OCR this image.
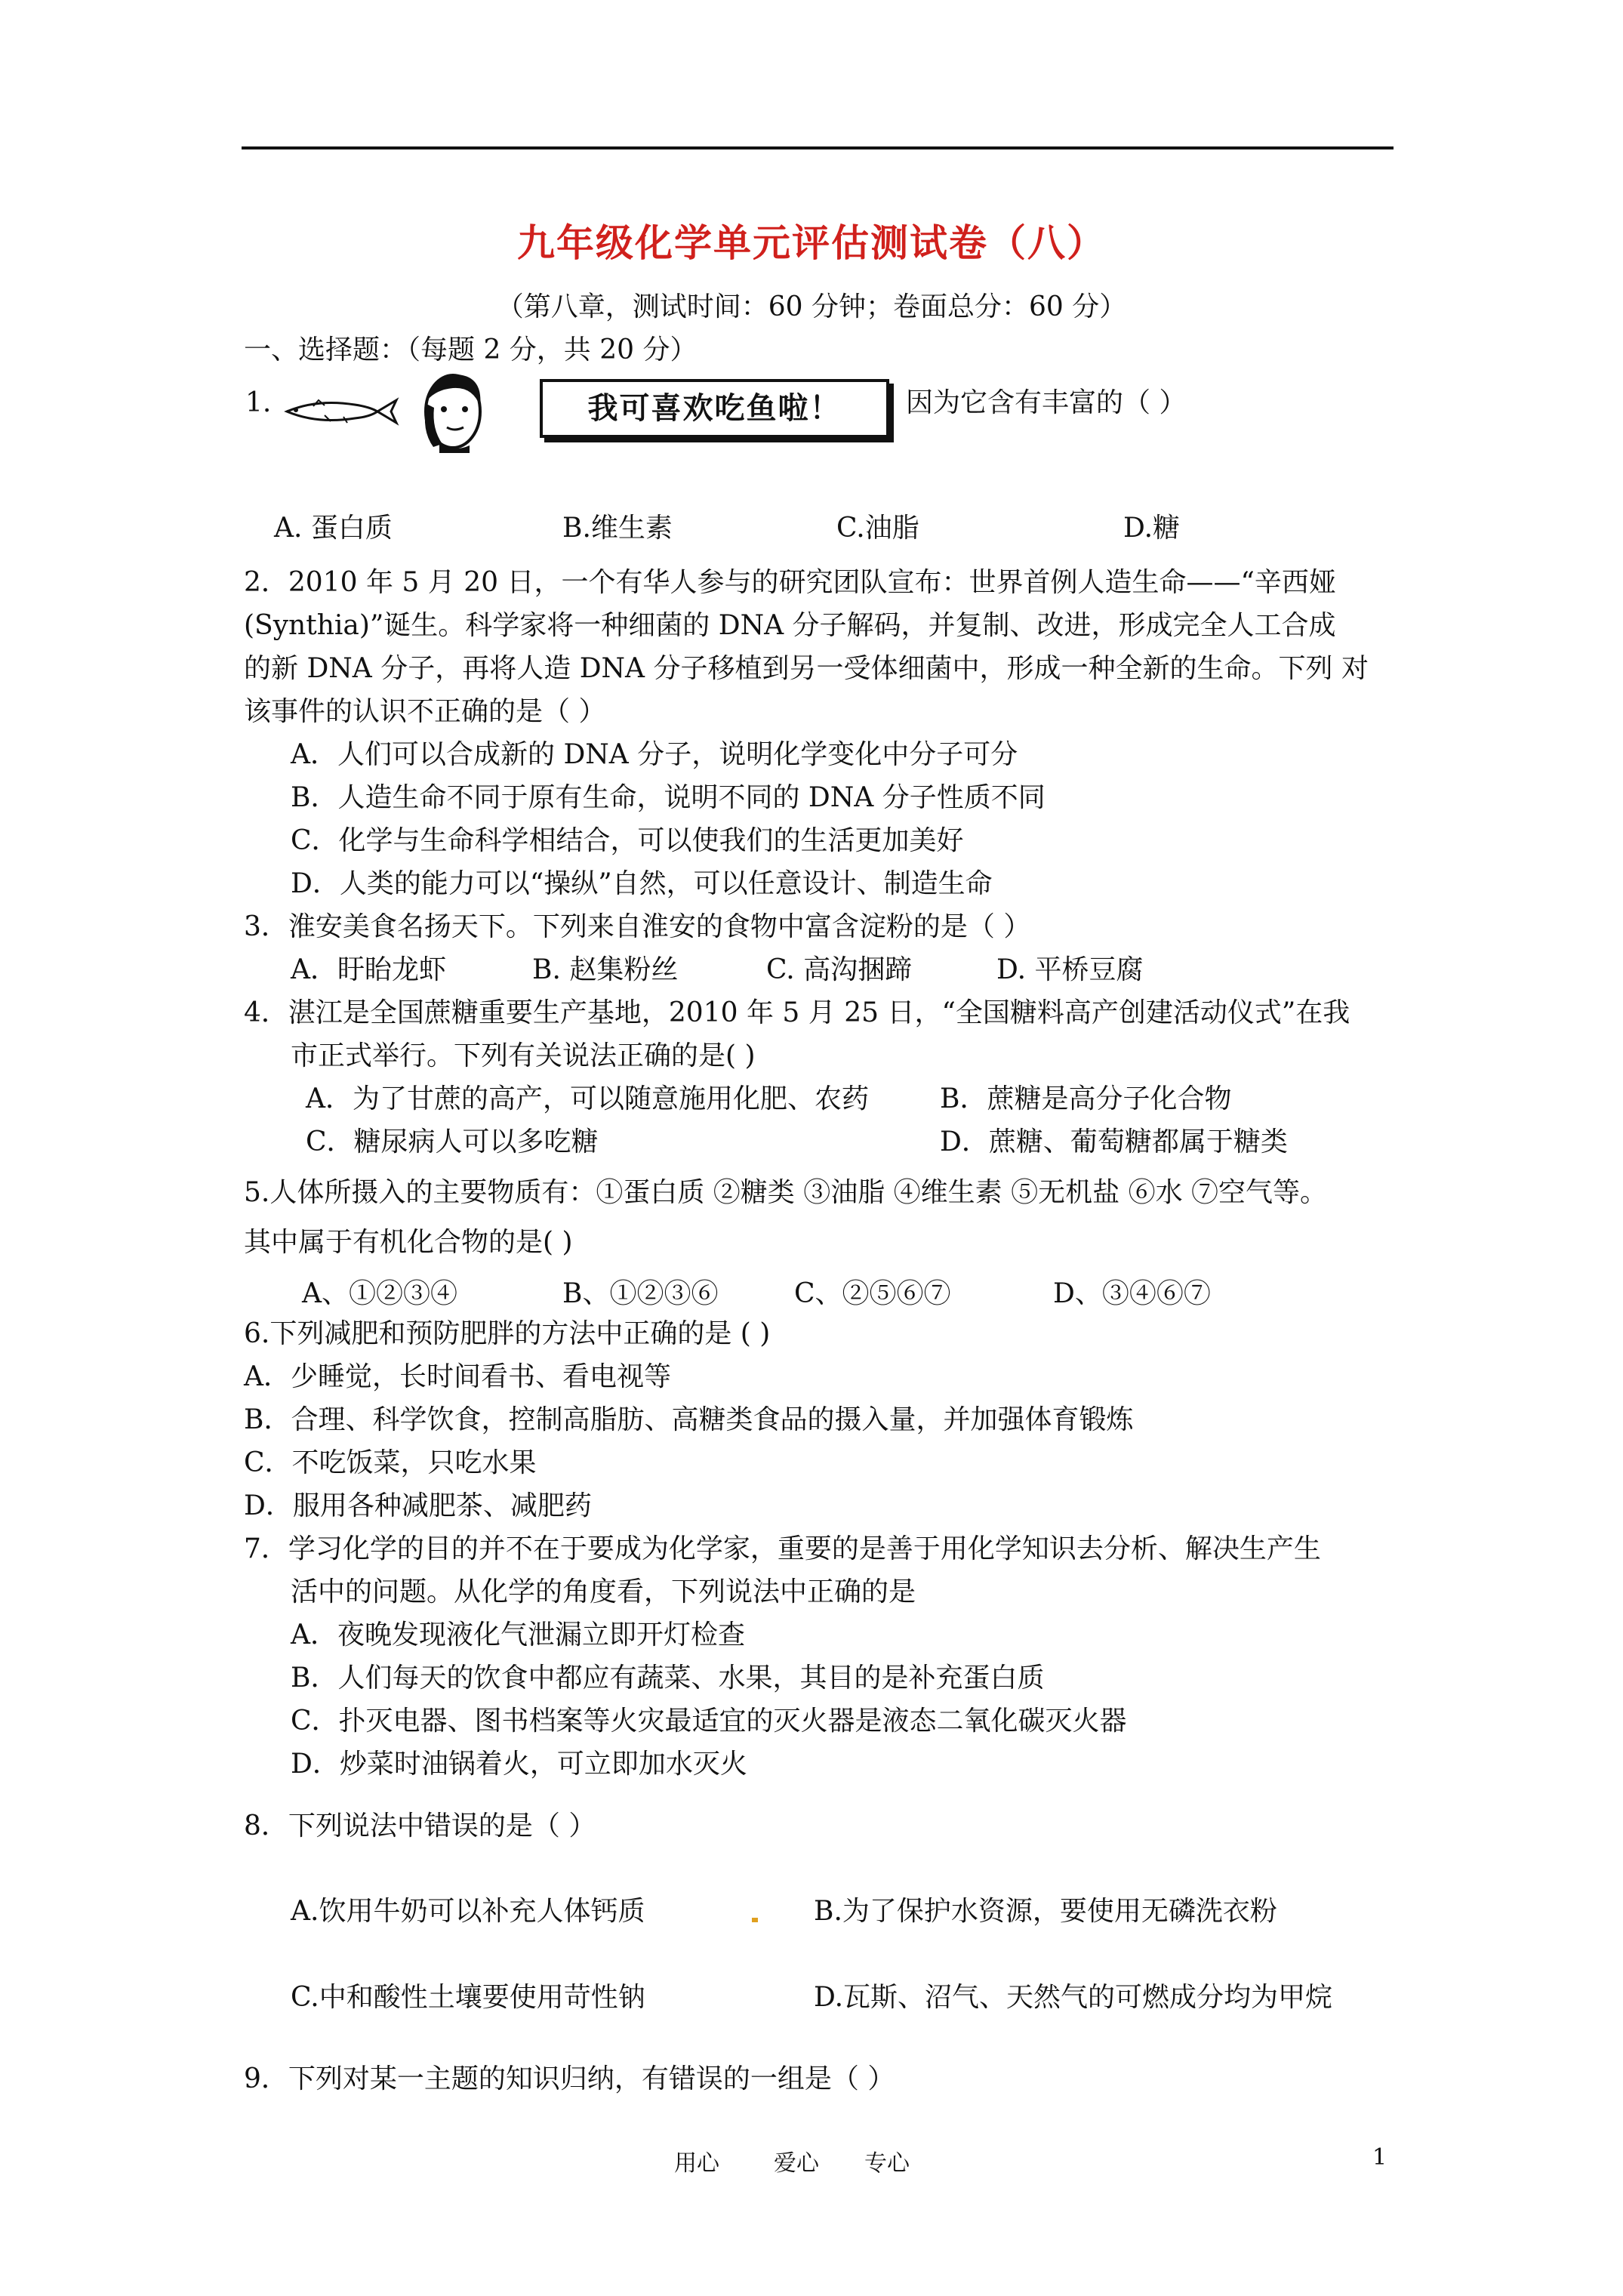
九年级化学单元评估测试卷（八）
（第八章，测试时间：60 分钟；卷面总分：60 分）
一、选择题：（每题 2 分，共 20 分）
1.	我可喜欢吃鱼啦！	因为它含有丰富的（ ）
A. 蛋白质	B.维生素	C.油脂	D.糖
2．2010 年 5 月 20 日，一个有华人参与的研究团队宣布：世界首例人造生命——“辛西娅
(Synthia)”诞生。科学家将一种细菌的 DNA 分子解码，并复制、改进，形成完全人工合成
的新 DNA 分子，再将人造 DNA 分子移植到另一受体细菌中，形成一种全新的生命。下列 对
该事件的认识不正确的是（ ）
A．人们可以合成新的 DNA 分子，说明化学变化中分子可分
B．人造生命不同于原有生命，说明不同的 DNA 分子性质不同
C．化学与生命科学相结合，可以使我们的生活更加美好
D．人类的能力可以“操纵”自然，可以任意设计、制造生命
3．淮安美食名扬天下。下列来自淮安的食物中富含淀粉的是（ ）
A．盱眙龙虾	B. 赵集粉丝	C. 高沟捆蹄	D. 平桥豆腐
4．湛江是全国蔗糖重要生产基地，2010 年 5 月 25 日，“全国糖料高产创建活动仪式”在我
市正式举行。下列有关说法正确的是( )
A．为了甘蔗的高产，可以随意施用化肥、农药	B．蔗糖是高分子化合物
C．糖尿病人可以多吃糖	D．蔗糖、葡萄糖都属于糖类
5.人体所摄入的主要物质有：①蛋白质 ②糖类 ③油脂 ④维生素 ⑤无机盐 ⑥水 ⑦空气等。
其中属于有机化合物的是( )
A、①②③④	B、①②③⑥	C、②⑤⑥⑦	D、③④⑥⑦
6.下列减肥和预防肥胖的方法中正确的是 ( )
A．少睡觉，长时间看书、看电视等
B．合理、科学饮食，控制高脂肪、高糖类食品的摄入量，并加强体育锻炼
C．不吃饭菜，只吃水果
D．服用各种减肥茶、减肥药
7．学习化学的目的并不在于要成为化学家，重要的是善于用化学知识去分析、解决生产生
活中的问题。从化学的角度看，下列说法中正确的是
A．夜晚发现液化气泄漏立即开灯检查
B．人们每天的饮食中都应有蔬菜、水果，其目的是补充蛋白质
C．扑灭电器、图书档案等火灾最适宜的灭火器是液态二氧化碳灭火器
D．炒菜时油锅着火，可立即加水灭火
8．下列说法中错误的是（ ）
A.饮用牛奶可以补充人体钙质	B.为了保护水资源，要使用无磷洗衣粉
C.中和酸性土壤要使用苛性钠	D.瓦斯、沼气、天然气的可燃成分均为甲烷
9．下列对某一主题的知识归纳，有错误的一组是（ ）
用心 爱心 专心	1
